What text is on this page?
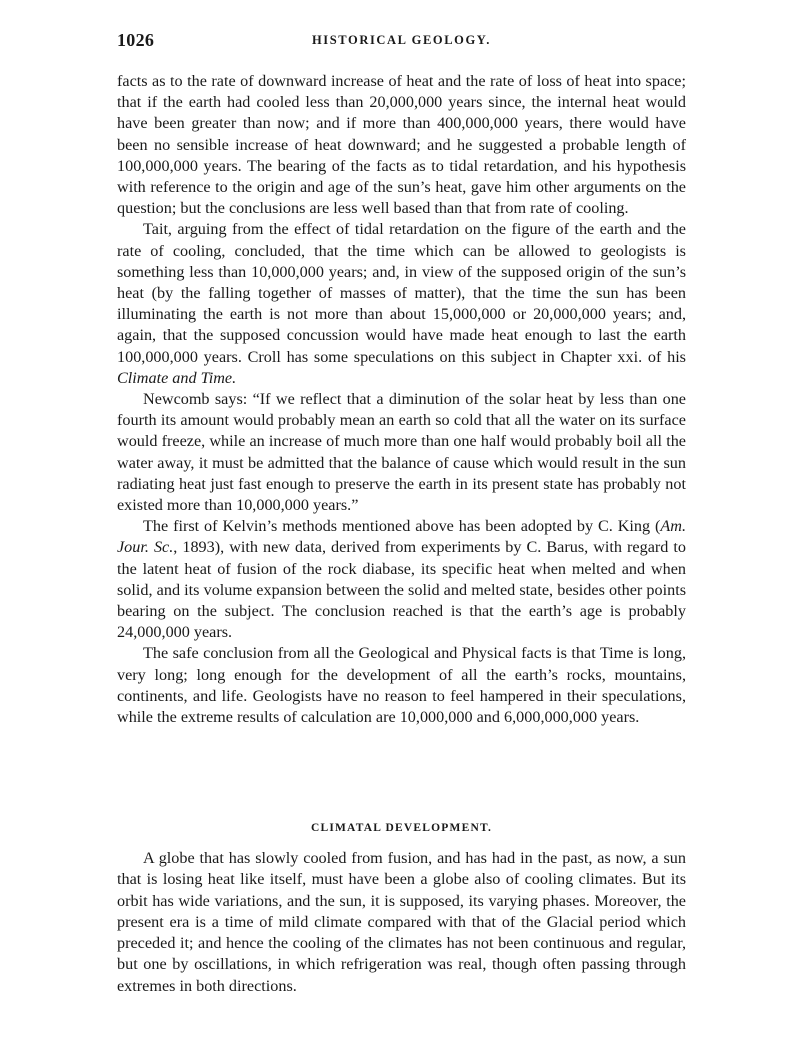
1026	HISTORICAL GEOLOGY.

facts as to the rate of downward increase of heat and the rate of loss of heat into space; that if the earth had cooled less than 20,000,000 years since, the internal heat would have been greater than now; and if more than 400,000,000 years, there would have been no sensible increase of heat downward; and he suggested a probable length of 100,000,000 years. The bearing of the facts as to tidal retardation, and his hypothesis with reference to the origin and age of the sun’s heat, gave him other arguments on the question; but the conclusions are less well based than that from rate of cooling.

Tait, arguing from the effect of tidal retardation on the figure of the earth and the rate of cooling, concluded, that the time which can be allowed to geologists is something less than 10,000,000 years; and, in view of the supposed origin of the sun’s heat (by the falling together of masses of matter), that the time the sun has been illuminating the earth is not more than about 15,000,000 or 20,000,000 years; and, again, that the supposed concussion would have made heat enough to last the earth 100,000,000 years. Croll has some speculations on this subject in Chapter xxi. of his Climate and Time.

Newcomb says: “If we reflect that a diminution of the solar heat by less than one fourth its amount would probably mean an earth so cold that all the water on its surface would freeze, while an increase of much more than one half would probably boil all the water away, it must be admitted that the balance of cause which would result in the sun radiating heat just fast enough to preserve the earth in its present state has probably not existed more than 10,000,000 years.”

The first of Kelvin’s methods mentioned above has been adopted by C. King (Am. Jour. Sc., 1893), with new data, derived from experiments by C. Barus, with regard to the latent heat of fusion of the rock diabase, its specific heat when melted and when solid, and its volume expansion between the solid and melted state, besides other points bearing on the subject. The conclusion reached is that the earth’s age is probably 24,000,000 years.

The safe conclusion from all the Geological and Physical facts is that Time is long, very long; long enough for the development of all the earth’s rocks, mountains, continents, and life. Geologists have no reason to feel hampered in their speculations, while the extreme results of calculation are 10,000,000 and 6,000,000,000 years.

CLIMATAL DEVELOPMENT.

A globe that has slowly cooled from fusion, and has had in the past, as now, a sun that is losing heat like itself, must have been a globe also of cooling climates. But its orbit has wide variations, and the sun, it is supposed, its varying phases. Moreover, the present era is a time of mild climate compared with that of the Glacial period which preceded it; and hence the cooling of the climates has not been continuous and regular, but one by oscillations, in which refrigeration was real, though often passing through extremes in both directions.
